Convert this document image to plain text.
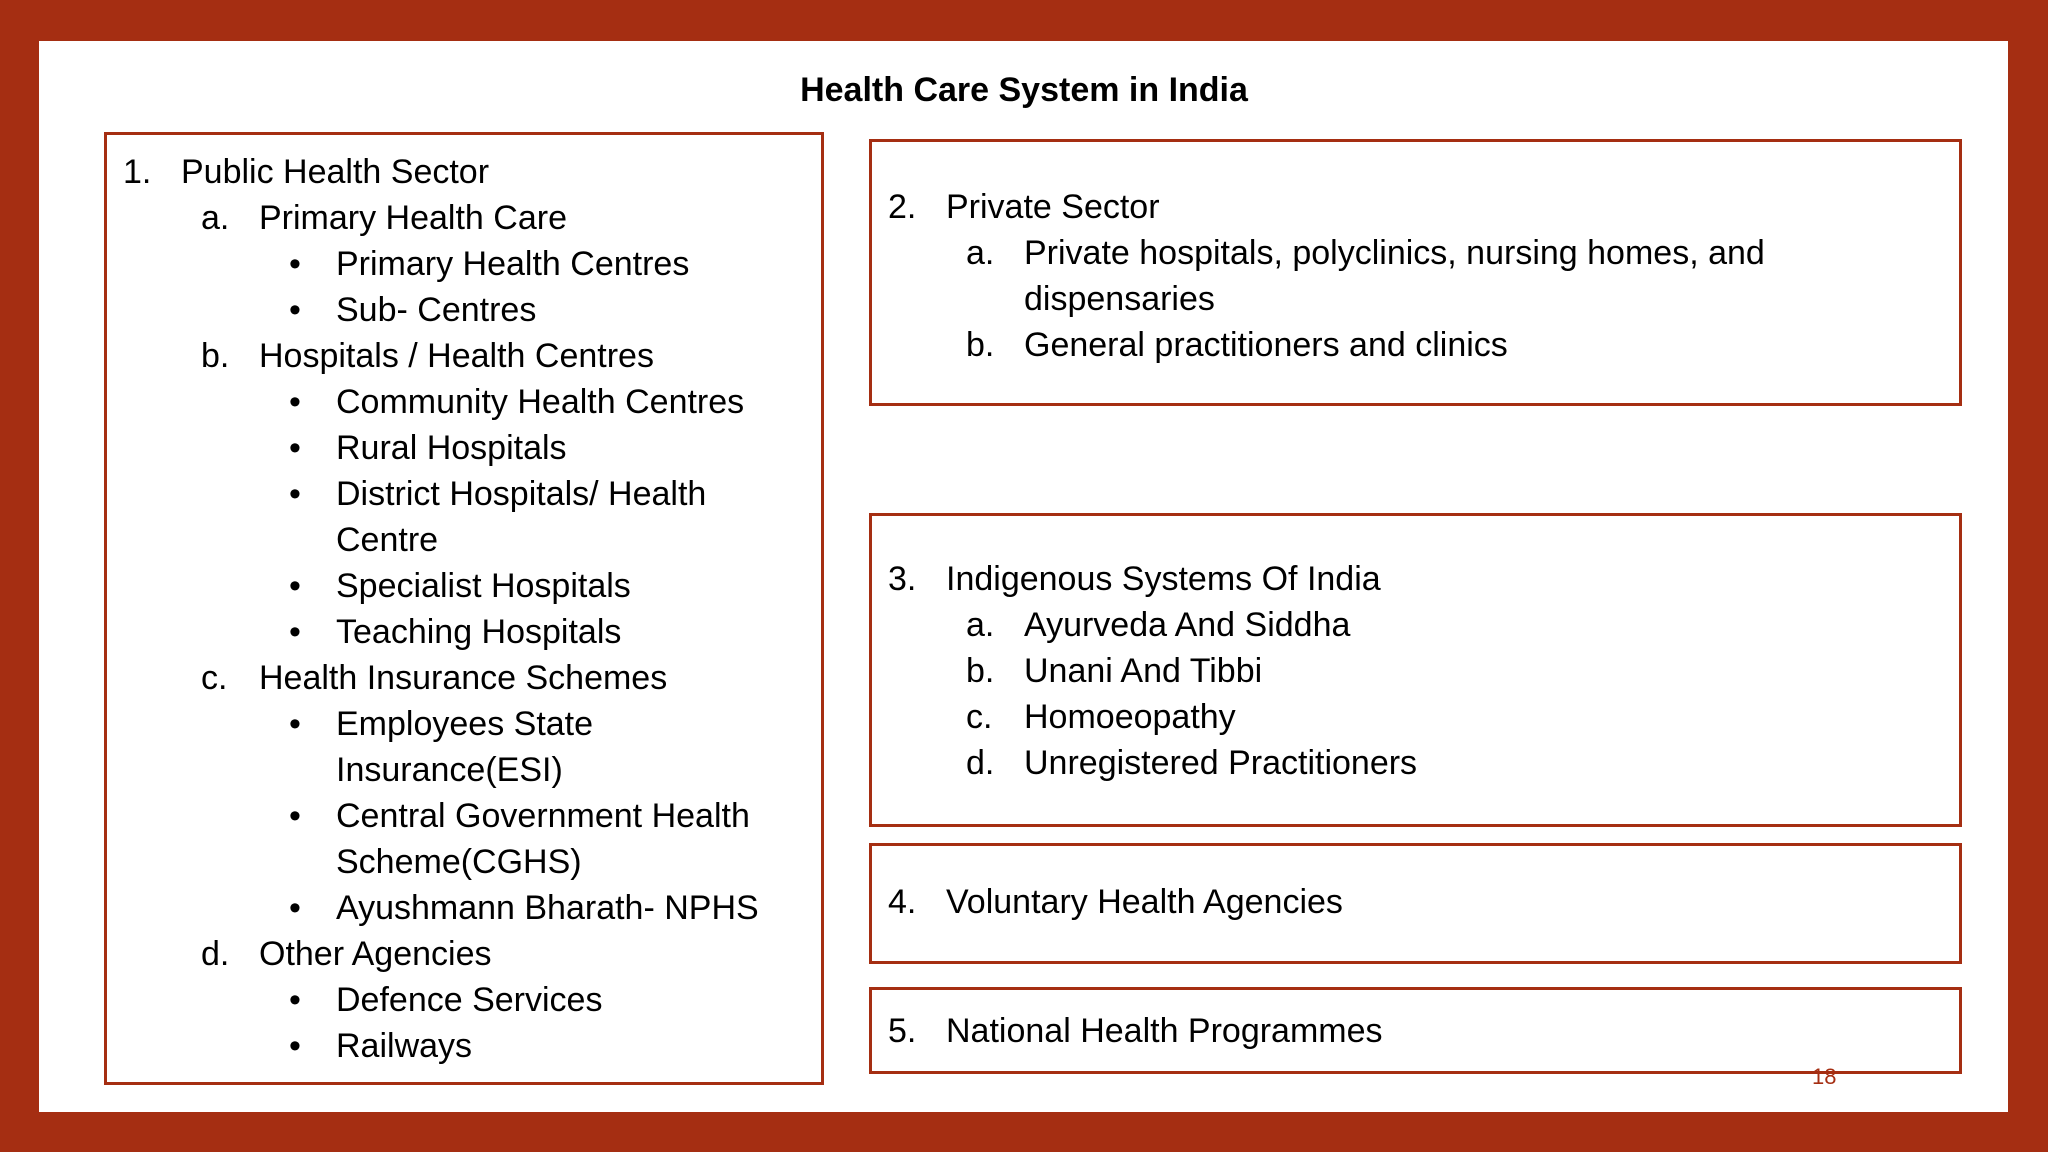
Health Care System in India
1. Public Health Sector
a. Primary Health Care
• Primary Health Centres
• Sub- Centres
b. Hospitals / Health Centres
• Community Health Centres
• Rural Hospitals
• District Hospitals/ Health
Centre
• Specialist Hospitals
• Teaching Hospitals
c. Health Insurance Schemes
• Employees State
Insurance(ESI)
• Central Government Health
Scheme(CGHS)
• Ayushmann Bharath- NPHS
d. Other Agencies
• Defence Services
• Railways
2. Private Sector
a. Private hospitals, polyclinics, nursing homes, and
dispensaries
b. General practitioners and clinics
3. Indigenous Systems Of India
a. Ayurveda And Siddha
b. Unani And Tibbi
c. Homoeopathy
d. Unregistered Practitioners
4. Voluntary Health Agencies
5. National Health Programmes
18
